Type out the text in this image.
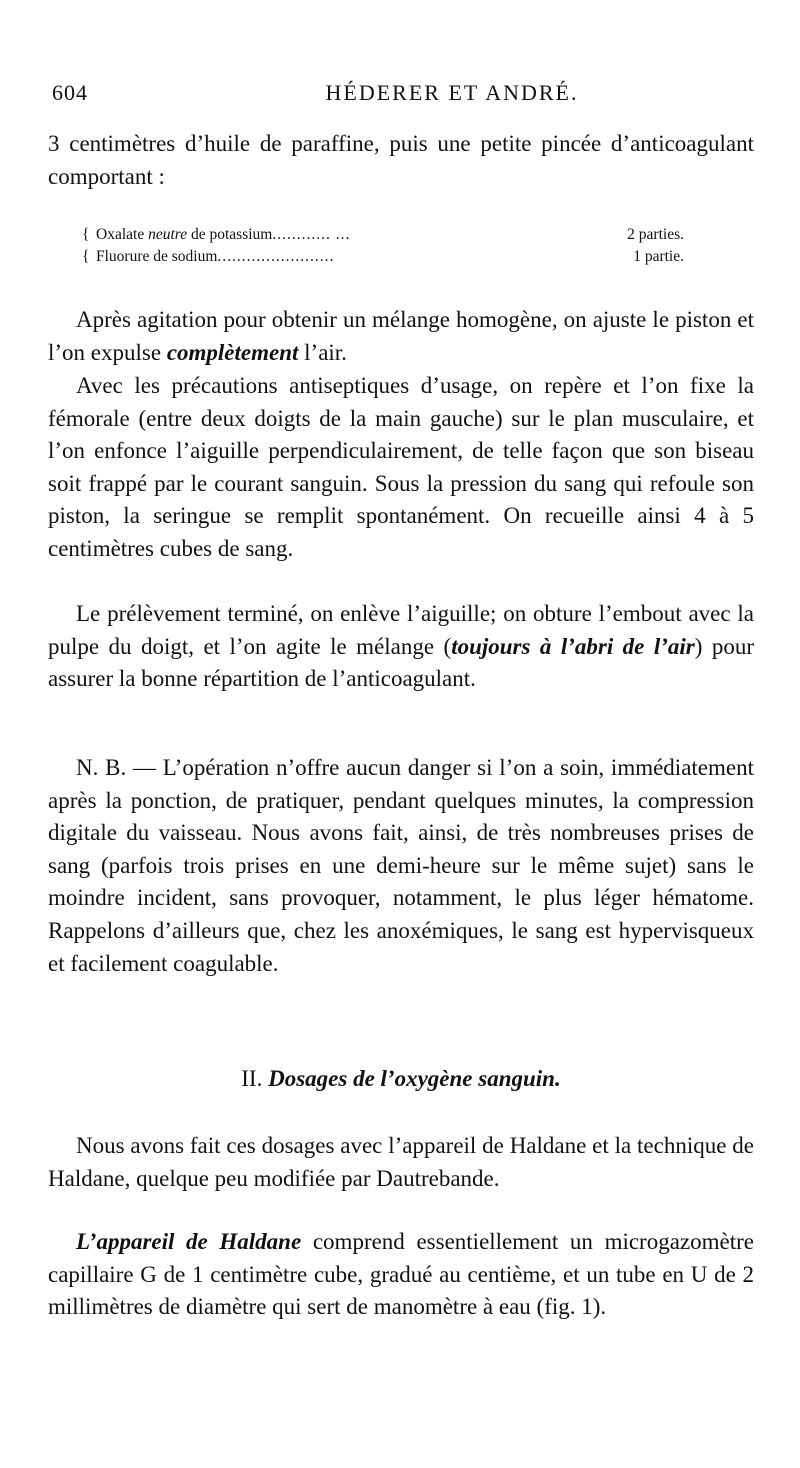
604	HÉDERER ET ANDRÉ.

3 centimètres d’huile de paraffine, puis une petite pincée d’anticoagulant comportant :

{ Oxalate neutre de potassium............ ...	2 parties.
{ Fluorure de sodium........................	1 partie.

Après agitation pour obtenir un mélange homogène, on ajuste le piston et l’on expulse complètement l’air.

Avec les précautions antiseptiques d’usage, on repère et l’on fixe la fémorale (entre deux doigts de la main gauche) sur le plan musculaire, et l’on enfonce l’aiguille perpendiculairement, de telle façon que son biseau soit frappé par le courant sanguin. Sous la pression du sang qui refoule son piston, la seringue se remplit spontanément. On recueille ainsi 4 à 5 centimètres cubes de sang.

Le prélèvement terminé, on enlève l’aiguille; on obture l’embout avec la pulpe du doigt, et l’on agite le mélange (toujours à l’abri de l’air) pour assurer la bonne répartition de l’anticoagulant.

N. B. — L’opération n’offre aucun danger si l’on a soin, immédiatement après la ponction, de pratiquer, pendant quelques minutes, la compression digitale du vaisseau. Nous avons fait, ainsi, de très nombreuses prises de sang (parfois trois prises en une demi-heure sur le même sujet) sans le moindre incident, sans provoquer, notamment, le plus léger hématome. Rappelons d’ailleurs que, chez les anoxémiques, le sang est hypervisqueux et facilement coagulable.

II. Dosages de l’oxygène sanguin.

Nous avons fait ces dosages avec l’appareil de Haldane et la technique de Haldane, quelque peu modifiée par Dautrebande.

L’appareil de Haldane comprend essentiellement un microgazomètre capillaire G de 1 centimètre cube, gradué au centième, et un tube en U de 2 millimètres de diamètre qui sert de manomètre à eau (fig. 1).
